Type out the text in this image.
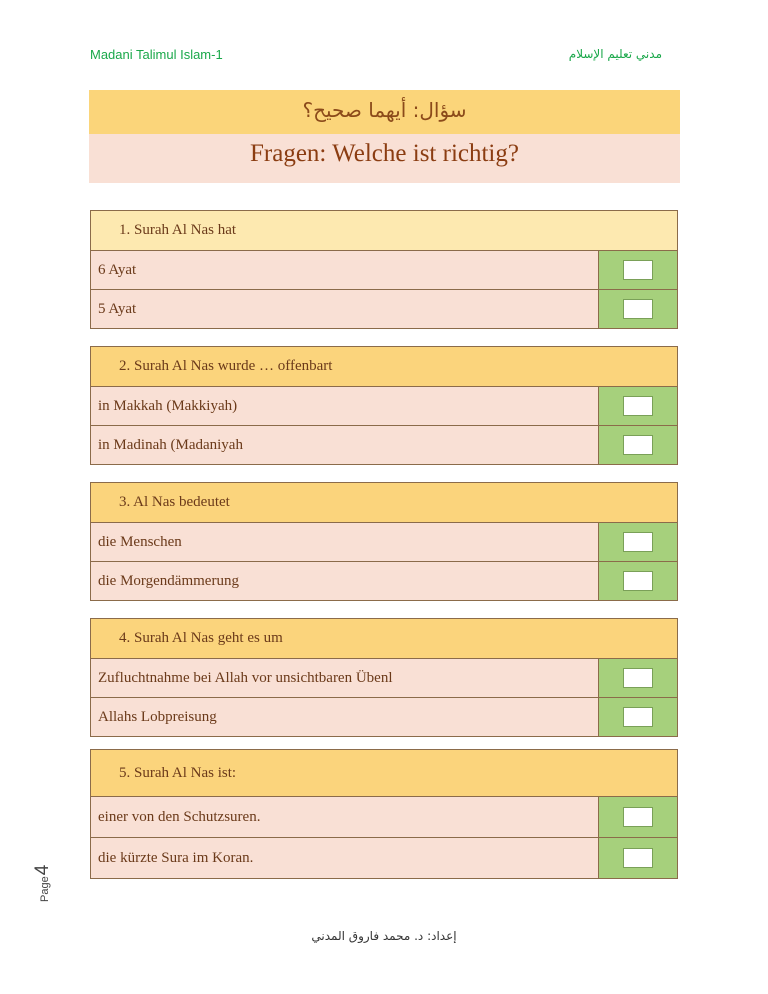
Madani Talimul Islam-1	مدني تعليم الإسلام
سؤال: أيهما صحيح؟
Fragen: Welche ist richtig?
1. Surah Al Nas hat
6 Ayat
5 Ayat
2. Surah Al Nas wurde … offenbart
in Makkah (Makkiyah)
in Madinah (Madaniyah
3. Al Nas bedeutet
die Menschen
die Morgendämmerung
4. Surah Al Nas geht es um
Zufluchtnahme bei Allah vor unsichtbaren Übenl
Allahs Lobpreisung
5. Surah Al Nas ist:
einer von den Schutzsuren.
die kürzte Sura im Koran.
Page
4
إعداد: د. محمد فاروق المدني
